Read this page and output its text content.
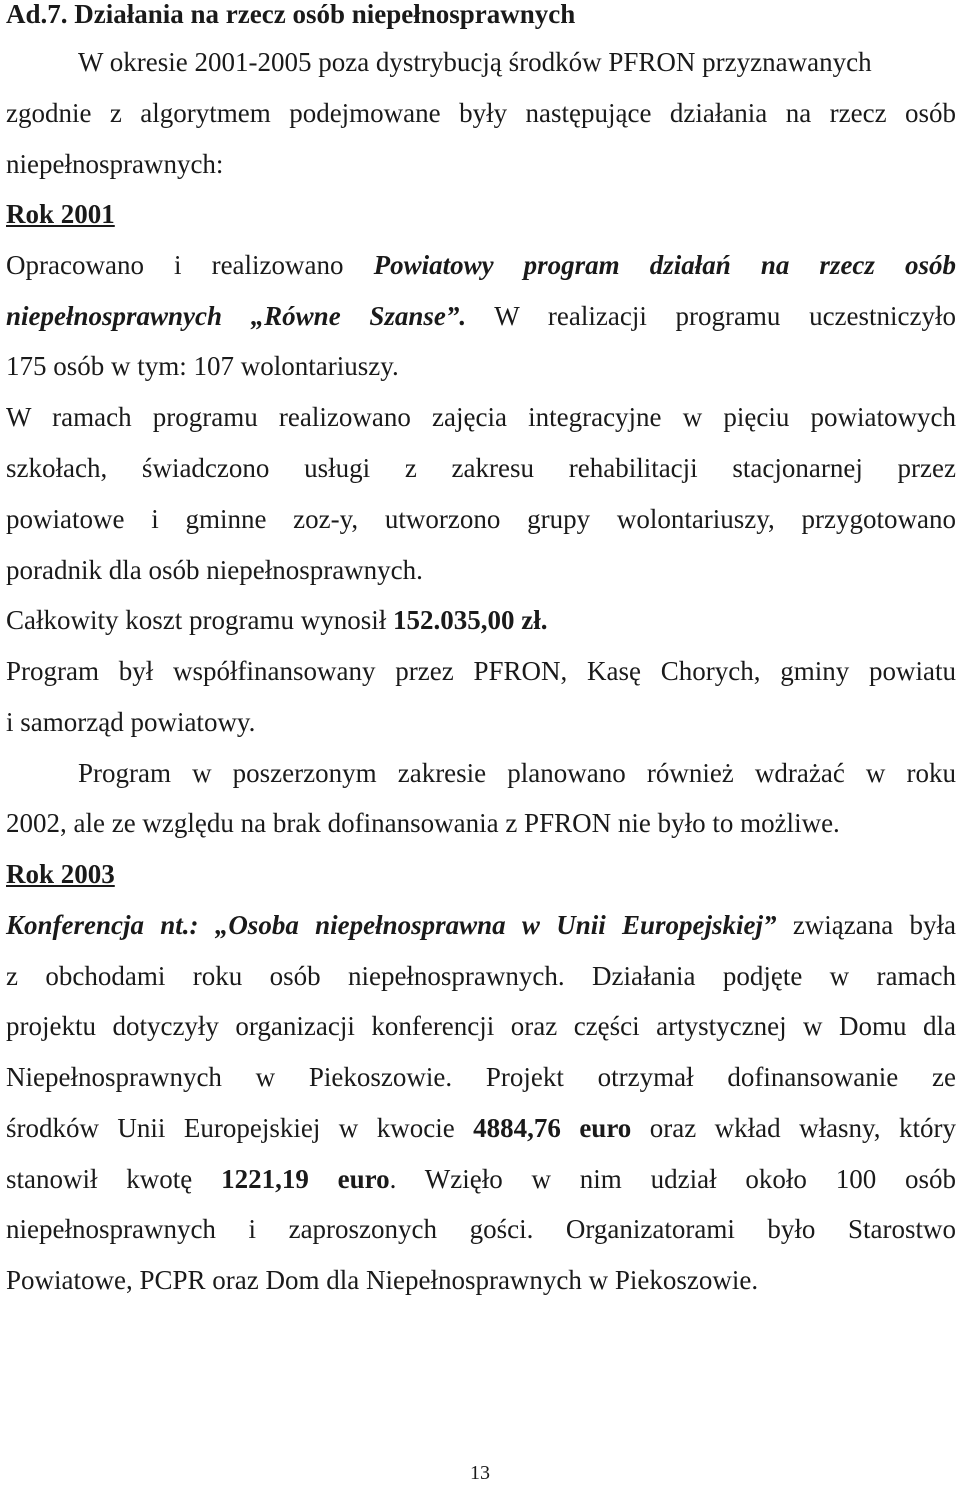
Ad.7. Działania na rzecz osób niepełnosprawnych
W okresie 2001-2005 poza dystrybucją środków PFRON przyznawanych
zgodnie z algorytmem podejmowane były następujące działania na rzecz osób
niepełnosprawnych:
Rok 2001
Opracowano i realizowano Powiatowy program działań na rzecz osób
niepełnosprawnych „Równe Szanse”. W realizacji programu uczestniczyło
175 osób w tym: 107 wolontariuszy.
W ramach programu realizowano zajęcia integracyjne w pięciu powiatowych
szkołach, świadczono usługi z zakresu rehabilitacji stacjonarnej przez
powiatowe i gminne zoz-y, utworzono grupy wolontariuszy, przygotowano
poradnik dla osób niepełnosprawnych.
Całkowity koszt programu wynosił 152.035,00 zł.
Program był współfinansowany przez PFRON, Kasę Chorych, gminy powiatu
i samorząd powiatowy.
Program w poszerzonym zakresie planowano również wdrażać w roku
2002, ale ze względu na brak dofinansowania z PFRON nie było to możliwe.
Rok 2003
Konferencja nt.: „Osoba niepełnosprawna w Unii Europejskiej” związana była
z obchodami roku osób niepełnosprawnych. Działania podjęte w ramach
projektu dotyczyły organizacji konferencji oraz części artystycznej w Domu dla
Niepełnosprawnych w Piekoszowie. Projekt otrzymał dofinansowanie ze
środków Unii Europejskiej w kwocie 4884,76 euro oraz wkład własny, który
stanowił kwotę 1221,19 euro. Wzięło w nim udział około 100 osób
niepełnosprawnych i zaproszonych gości. Organizatorami było Starostwo
Powiatowe, PCPR oraz Dom dla Niepełnosprawnych w Piekoszowie.
13
